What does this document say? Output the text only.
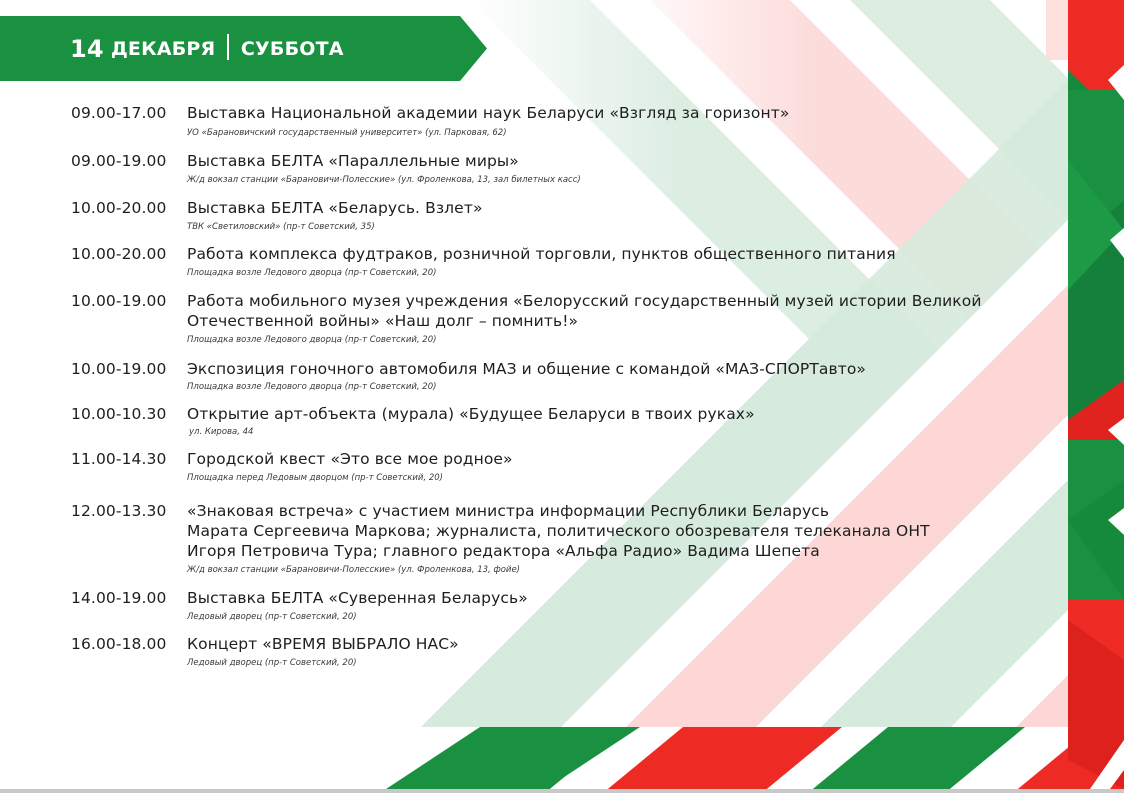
14 ДЕКАБРЯ СУББОТА
09.00-17.00 Выставка Национальной академии наук Беларуси «Взгляд за горизонт»
УО «Барановичский государственный университет» (ул. Парковая, 62)
09.00-19.00 Выставка БЕЛТА «Параллельные миры»
Ж/д вокзал станции «Барановичи-Полесские» (ул. Фроленкова, 13, зал билетных касс)
10.00-20.00 Выставка БЕЛТА «Беларусь. Взлет»
ТВК «Светиловский» (пр-т Советский, 35)
10.00-20.00 Работа комплекса фудтраков, розничной торговли, пунктов общественного питания
Площадка возле Ледового дворца (пр-т Советский, 20)
10.00-19.00 Работа мобильного музея учреждения «Белорусский государственный музей истории Великой
Отечественной войны» «Наш долг – помнить!»
Площадка возле Ледового дворца (пр-т Советский, 20)
10.00-19.00 Экспозиция гоночного автомобиля МАЗ и общение с командой «МАЗ-СПОРТавто»
Площадка возле Ледового дворца (пр-т Советский, 20)
10.00-10.30 Открытие арт-объекта (мурала) «Будущее Беларуси в твоих руках»
ул. Кирова, 44
11.00-14.30 Городской квест «Это все мое родное»
Площадка перед Ледовым дворцом (пр-т Советский, 20)
12.00-13.30 «Знаковая встреча» с участием министра информации Республики Беларусь
Марата Сергеевича Маркова; журналиста, политического обозревателя телеканала ОНТ
Игоря Петровича Тура; главного редактора «Альфа Радио» Вадима Шепета
Ж/д вокзал станции «Барановичи-Полесские» (ул. Фроленкова, 13, фойе)
14.00-19.00 Выставка БЕЛТА «Суверенная Беларусь»
Ледовый дворец (пр-т Советский, 20)
16.00-18.00 Концерт «ВРЕМЯ ВЫБРАЛО НАС»
Ледовый дворец (пр-т Советский, 20)
